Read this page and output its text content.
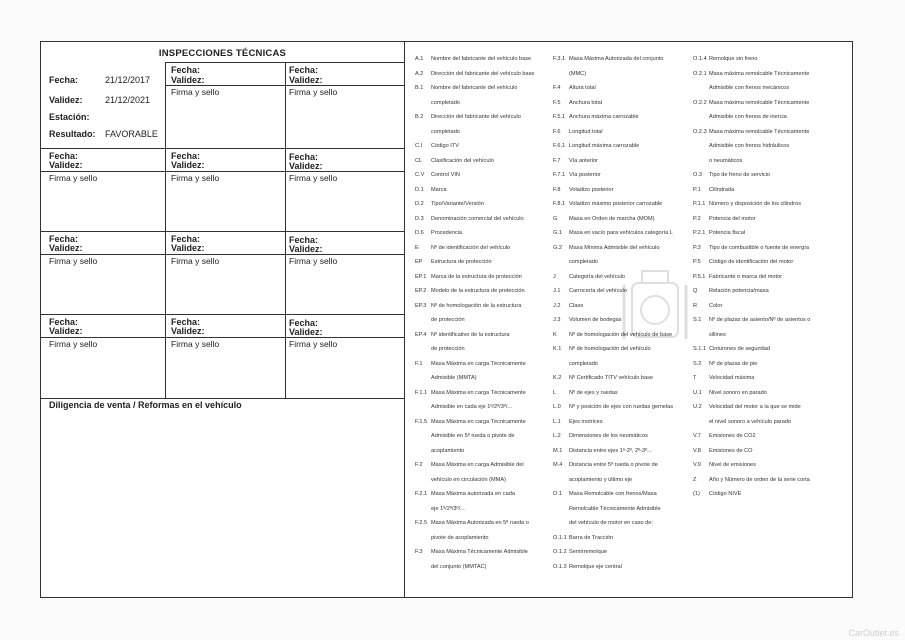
INSPECCIONES TÉCNICAS
Fecha:	21/12/2017
Validez: 21/12/2021
Estación:
Resultado: FAVORABLE
Fecha:
Validez:
Firma y sello
Fecha:
Validez:
Firma y sello
Fecha:
Validez:
Firma y sello
Fecha:
Validez:
Firma y sello
Fecha:
Validez:
Firma y sello
Fecha:
Validez:
Firma y sello
Fecha:
Validez:
Firma y sello
Fecha:
Validez:
Firma y sello
Fecha:
Validez:
Firma y sello
Fecha:
Validez:
Firma y sello
Fecha:
Validez:
Firma y sello
Diligencia de venta / Reformas en el vehículo
A.1 Nombre del fabricante del vehículo base
A.2 Dirección del fabricante del vehículo base
B.1 Nombre del fabricante del vehículo
completado
B.2 Dirección del fabricante del vehículo
completado
C.I Código ITV
CL Clasificación del vehículo
C.V Control VIN
D.1 Marca
D.2 Tipo/Variante/Versión
D.3 Denominación comercial del vehículo
D.6 Procedencia
E Nº de identificación del vehículo
EP Estructura de protección
EP.1 Marca de la estructura de protección
EP.2 Modelo de la estructura de protección
EP.3 Nº de homologación de la estructura
de protección
EP.4 Nº identificativo de la estructura
de protección
F.1 Masa Máxima en carga Técnicamente
Admisible (MMTA)
F.1.1 Masa Máxima en carga Técnicamente
Admisible en cada eje 1º/2º/3º/...
F.1.5 Masa Máxima en carga Técnicamente
Admisible en 5ª rueda o pivote de
acoplamiento
F.2 Masa Máxima en carga Admisible del
vehículo en circulación (MMA)
F.2.1 Masa Máxima autorizada en cada
eje 1º/2º/3º/...
F.2.5 Masa Máxima Autorizada en 5ª rueda o
pivote de acoplamiento
F.3 Masa Máxima Técnicamente Admisible
del conjunto (MMTAC)
F.3.1 Masa Máxima Autorizada del conjunto
(MMC)
F.4 Altura total
F.5 Anchura total
F.5.1 Anchura máxima carrozable
F.6 Longitud total
F.6.1 Longitud máxima carrozable
F.7 Vía anterior
F.7.1 Vía posterior
F.8 Voladizo posterior
F.8.1 Voladizo máximo posterior carrozable
G Masa en Orden de marcha (MOM)
G.1 Masa en vacío para vehículos categoría L
G.2 Masa Mínima Admisible del vehículo
completado
J Categoría del vehículo
J.1 Carrocería del vehículo
J.2 Clase
J.3 Volumen de bodegas
K Nº de homologación del vehículo de base
K.1 Nº de homologación del vehículo
completado
K.2 Nº Certificado TITV vehículo base
L Nº de ejes y ruedas
L.0 Nº y posición de ejes con ruedas gemelas
L.1 Ejes motrices
L.2 Dimensiones de los neumáticos
M.1 Distancia entre ejes 1º-2º, 2º-3º...
M.4 Distancia entre 5ª rueda o pivote de
acoplamiento y último eje
O.1 Masa Remolcable con frenos/Masa
Remolcable Técnicamente Admisible
del vehículo de motor en caso de:
O.1.1 Barra de Tracción
O.1.2 Semirremolque
O.1.3 Remolque eje central
O.1.4 Remolque sin freno
O.2.1 Masa máxima remolcable Técnicamente
Admisible con frenos mecánicos
O.2.2 Masa máxima remolcable Técnicamente
Admisible con frenos de inercia
O.2.3 Masa máxima remolcable Técnicamente
Admisible con frenos hidráulicos
o neumáticos
O.3 Tipo de freno de servicio
P.1 Cilindrada
P.1.1 Número y disposición de los cilindros
P.2 Potencia del motor
P.2.1 Potencia fiscal
P.3 Tipo de combustible o fuente de energía
P.5 Código de identificación del motor
P.5.1 Fabricante o marca del motor
Q Relación potencia/masa
R Color
S.1 Nº de plazas de asiento/Nº de asientos o
sillines
S.1.1 Cinturones de seguridad
S.2 Nº de plazas de pie
T Velocidad máxima
U.1 Nivel sonoro en parado
U.2 Velocidad del motor a la que se mide
el nivel sonoro a vehículo parado
V.7 Emisiones de CO2
V.8 Emisiones de CO
V.9 Nivel de emisiones
Z Año y Número de orden de la serie corta
(1) Código NIVE
CarOutlet.es
